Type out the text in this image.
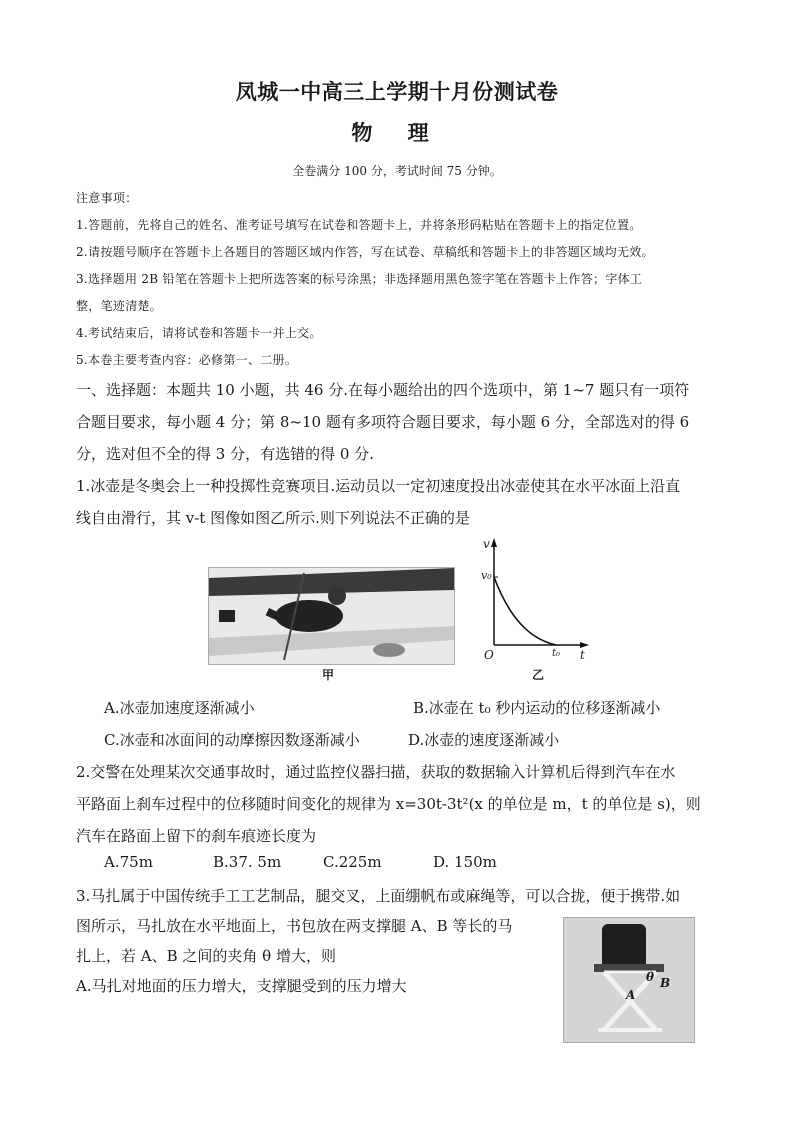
凤城一中高三上学期十月份测试卷
物 理
全卷满分 100 分，考试时间 75 分钟。
注意事项：
1.答题前，先将自己的姓名、准考证号填写在试卷和答题卡上，并将条形码粘贴在答题卡上的指定位置。
2.请按题号顺序在答题卡上各题目的答题区域内作答，写在试卷、草稿纸和答题卡上的非答题区域均无效。
3.选择题用 2B 铅笔在答题卡上把所选答案的标号涂黑；非选择题用黑色签字笔在答题卡上作答；字体工
整，笔迹清楚。
4.考试结束后，请将试卷和答题卡一并上交。
5.本卷主要考查内容：必修第一、二册。
一、选择题：本题共 10 小题，共 46 分.在每小题给出的四个选项中，第 1~7 题只有一项符
合题目要求，每小题 4 分；第 8~10 题有多项符合题目要求，每小题 6 分，全部选对的得 6
分，选对但不全的得 3 分，有选错的得 0 分.
1.冰壶是冬奥会上一种投掷性竞赛项目.运动员以一定初速度投出冰壶使其在水平冰面上沿直
线自由滑行，其 v-t 图像如图乙所示.则下列说法不正确的是
甲
v
v₀
O	t₀ t
乙
A.冰壶加速度逐渐减小	B.冰壶在 t₀ 秒内运动的位移逐渐减小
C.冰壶和冰面间的动摩擦因数逐渐减小	D.冰壶的速度逐渐减小
2.交警在处理某次交通事故时，通过监控仪器扫描，获取的数据输入计算机后得到汽车在水
平路面上刹车过程中的位移随时间变化的规律为 x=30t-3t²(x 的单位是 m，t 的单位是 s)，则
汽车在路面上留下的刹车痕迹长度为
A.75m	B.37. 5m	C.225m	D. 150m
3.马扎属于中国传统手工工艺制品，腿交叉，上面绷帆布或麻绳等，可以合拢，便于携带.如
图所示，马扎放在水平地面上，书包放在两支撑腿 A、B 等长的马
扎上，若 A、B 之间的夹角 θ 增大，则
A.马扎对地面的压力增大，支撑腿受到的压力增大	θ
A
B
